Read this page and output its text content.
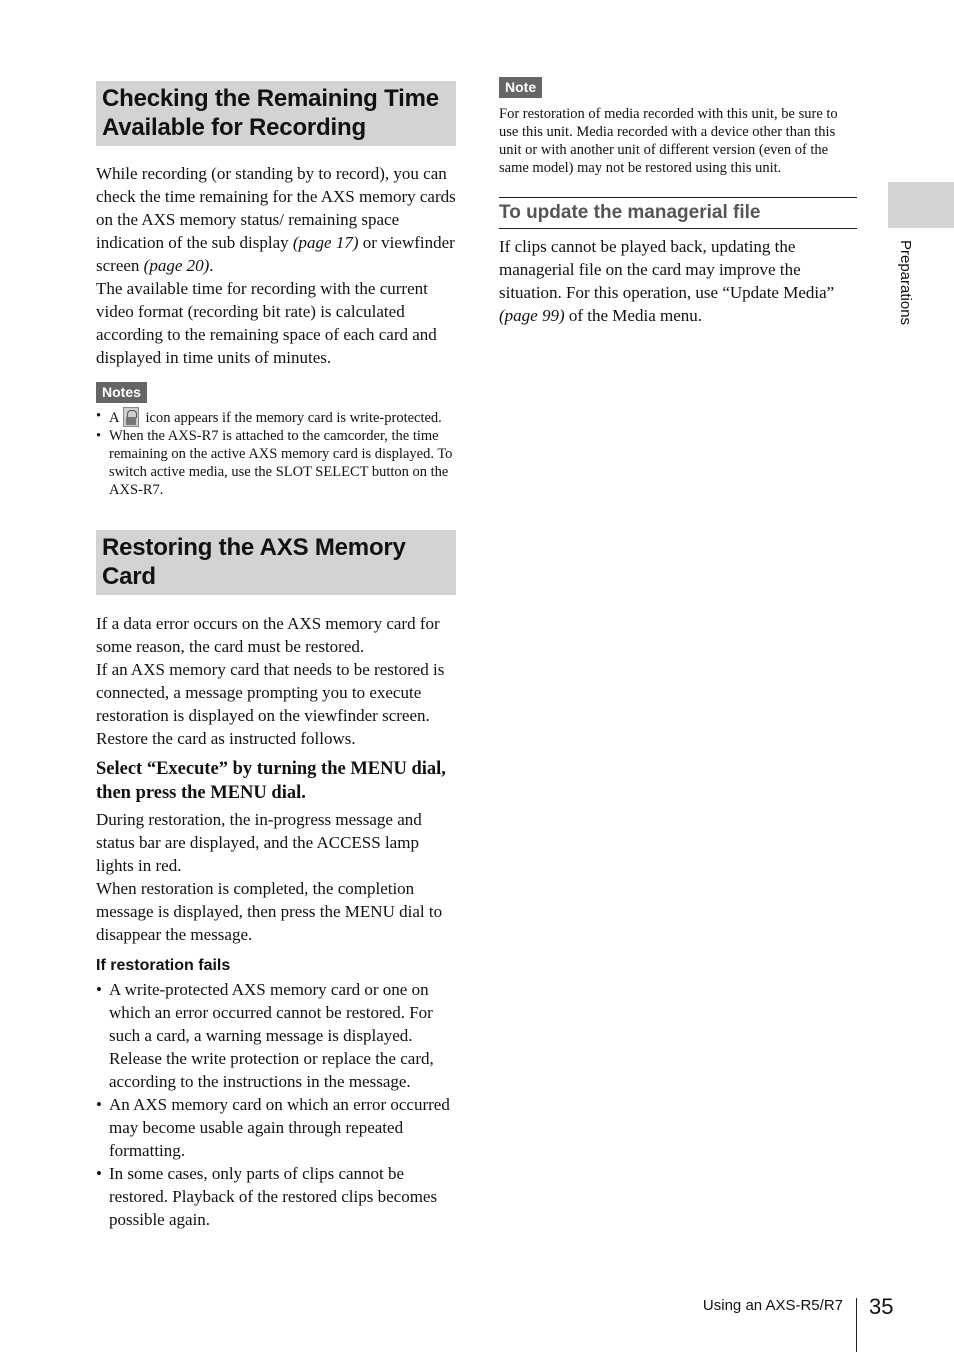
Checking the Remaining Time
Available for Recording

While recording (or standing by to record), you can check the time remaining for the AXS memory cards on the AXS memory status/ remaining space indication of the sub display (page 17) or viewfinder screen (page 20).

The available time for recording with the current video format (recording bit rate) is calculated according to the remaining space of each card and displayed in time units of minutes.

Notes
• A icon appears if the memory card is write-protected.
• When the AXS-R7 is attached to the camcorder, the time remaining on the active AXS memory card is displayed. To switch active media, use the SLOT SELECT button on the AXS-R7.
Restoring the AXS Memory Card

If a data error occurs on the AXS memory card for some reason, the card must be restored.

If an AXS memory card that needs to be restored is connected, a message prompting you to execute restoration is displayed on the viewfinder screen. Restore the card as instructed follows.

Select “Execute” by turning the MENU dial, then press the MENU dial.

During restoration, the in-progress message and status bar are displayed, and the ACCESS lamp lights in red.

When restoration is completed, the completion message is displayed, then press the MENU dial to disappear the message.

If restoration fails
• A write-protected AXS memory card or one on which an error occurred cannot be restored. For such a card, a warning message is displayed. Release the write protection or replace the card, according to the instructions in the message.
• An AXS memory card on which an error occurred may become usable again through repeated formatting.
• In some cases, only parts of clips cannot be restored. Playback of the restored clips becomes possible again.
Note

For restoration of media recorded with this unit, be sure to use this unit. Media recorded with a device other than this unit or with another unit of different version (even of the same model) may not be restored using this unit.

To update the managerial file

If clips cannot be played back, updating the managerial file on the card may improve the situation. For this operation, use “Update Media” (page 99) of the Media menu.	Preparations
Using an AXS-R5/R7 35
